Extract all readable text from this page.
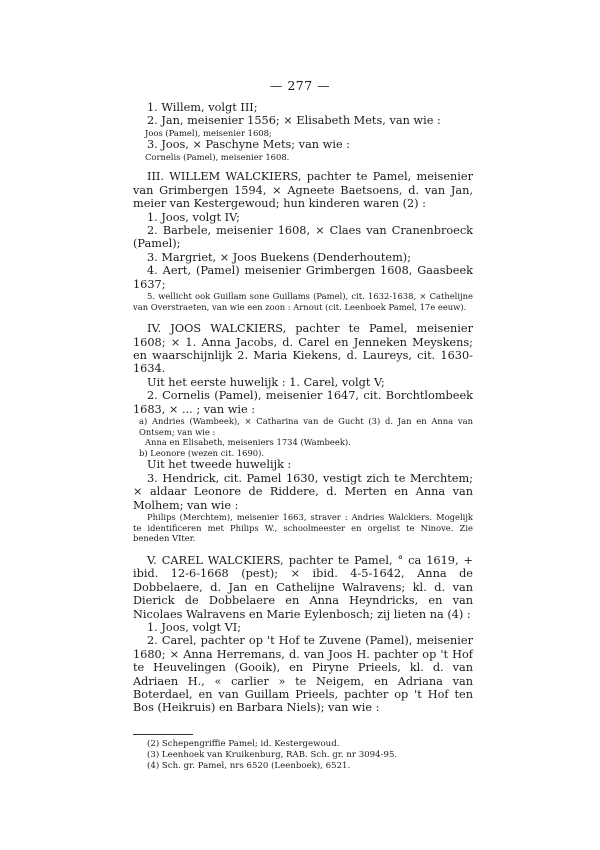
— 277 —

1. Willem, volgt III;

2. Jan, meisenier 1556; × Elisabeth Mets, van wie :

Joos (Pamel), meisenier 1608;

3. Joos, × Paschyne Mets; van wie :

Cornelis (Pamel), meisenier 1608.

III. WILLEM WALCKIERS, pachter te Pamel, meisenier van Grimbergen 1594, × Agneete Baetsoens, d. van Jan, meier van Kestergewoud; hun kinderen waren (2) :

1. Joos, volgt IV;

2. Barbele, meisenier 1608, × Claes van Cranenbroeck (Pamel);

3. Margriet, × Joos Buekens (Denderhoutem);

4. Aert, (Pamel) meisenier Grimbergen 1608, Gaasbeek 1637;

5. wellicht ook Guillam sone Guillams (Pamel), cit. 1632-1638, × Cathelijne van Overstraeten, van wie een zoon : Arnout (cit. Leenboek Pamel, 17e eeuw).

IV. JOOS WALCKIERS, pachter te Pamel, meisenier 1608; × 1. Anna Jacobs, d. Carel en Jenneken Meyskens; en waarschijnlijk 2. Maria Kiekens, d. Laureys, cit. 1630-1634.

Uit het eerste huwelijk : 1. Carel, volgt V;

2. Cornelis (Pamel), meisenier 1647, cit. Borchtlombeek 1683, × ... ; van wie :

a) Andries (Wambeek), × Catharina van de Gucht (3) d. Jan en Anna van Ontsem; van wie :

Anna en Elisabeth, meiseniers 1734 (Wambeek).

b) Leonore (wezen cit. 1690).

Uit het tweede huwelijk :

3. Hendrick, cit. Pamel 1630, vestigt zich te Merchtem; × aldaar Leonore de Riddere, d. Merten en Anna van Molhem; van wie :

Philips (Merchtem), meisenier 1663, straver : Andries Walckiers. Mogelijk te identificeren met Philips W., schoolmeester en orgelist te Ninove. Zie beneden VIter.

V. CAREL WALCKIERS, pachter te Pamel, ° ca 1619, + ibid. 12-6-1668 (pest); × ibid. 4-5-1642, Anna de Dobbelaere, d. Jan en Cathelijne Walravens; kl. d. van Dierick de Dobbelaere en Anna Heyndricks, en van Nicolaes Walravens en Marie Eylenbosch; zij lieten na (4) :

1. Joos, volgt VI;

2. Carel, pachter op 't Hof te Zuvene (Pamel), meisenier 1680; × Anna Herremans, d. van Joos H. pachter op 't Hof te Heuvelingen (Gooik), en Piryne Prieels, kl. d. van Adriaen H., « carlier » te Neigem, en Adriana van Boterdael, en van Guillam Prieels, pachter op 't Hof ten Bos (Heikruis) en Barbara Niels); van wie :

(2) Schepengriffie Pamel; id. Kestergewoud.

(3) Leenhoek van Kruikenburg, RAB. Sch. gr. nr 3094-95.

(4) Sch. gr. Pamel, nrs 6520 (Leenboek), 6521.
